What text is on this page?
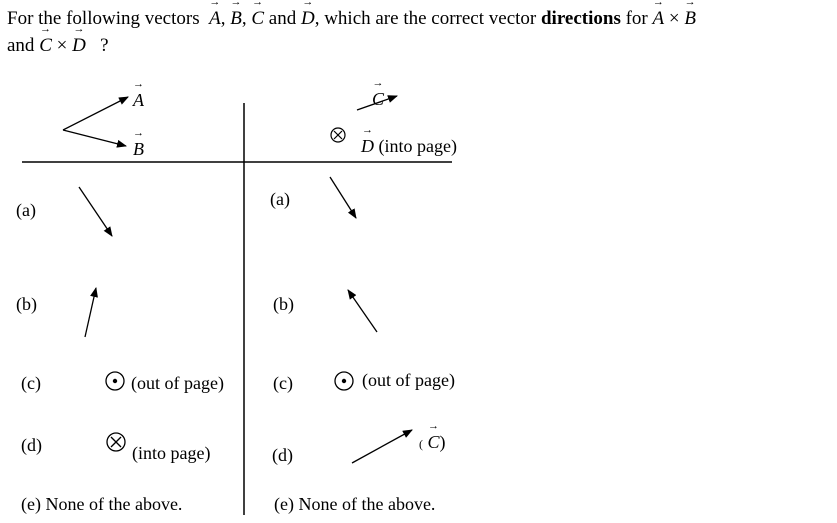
For the following vectors → A, → B, → C and → D, which are the correct vector directions for → A × → B
and → C × → D ?
→ A
→ B
→ C
→ D (into page)
(a)
(b)
(c)	(out of page)
(d)	(into page)
(e) None of the above.
(a)
(b)
(c)	(out of page)
(d)
( → C)
(e) None of the above.
